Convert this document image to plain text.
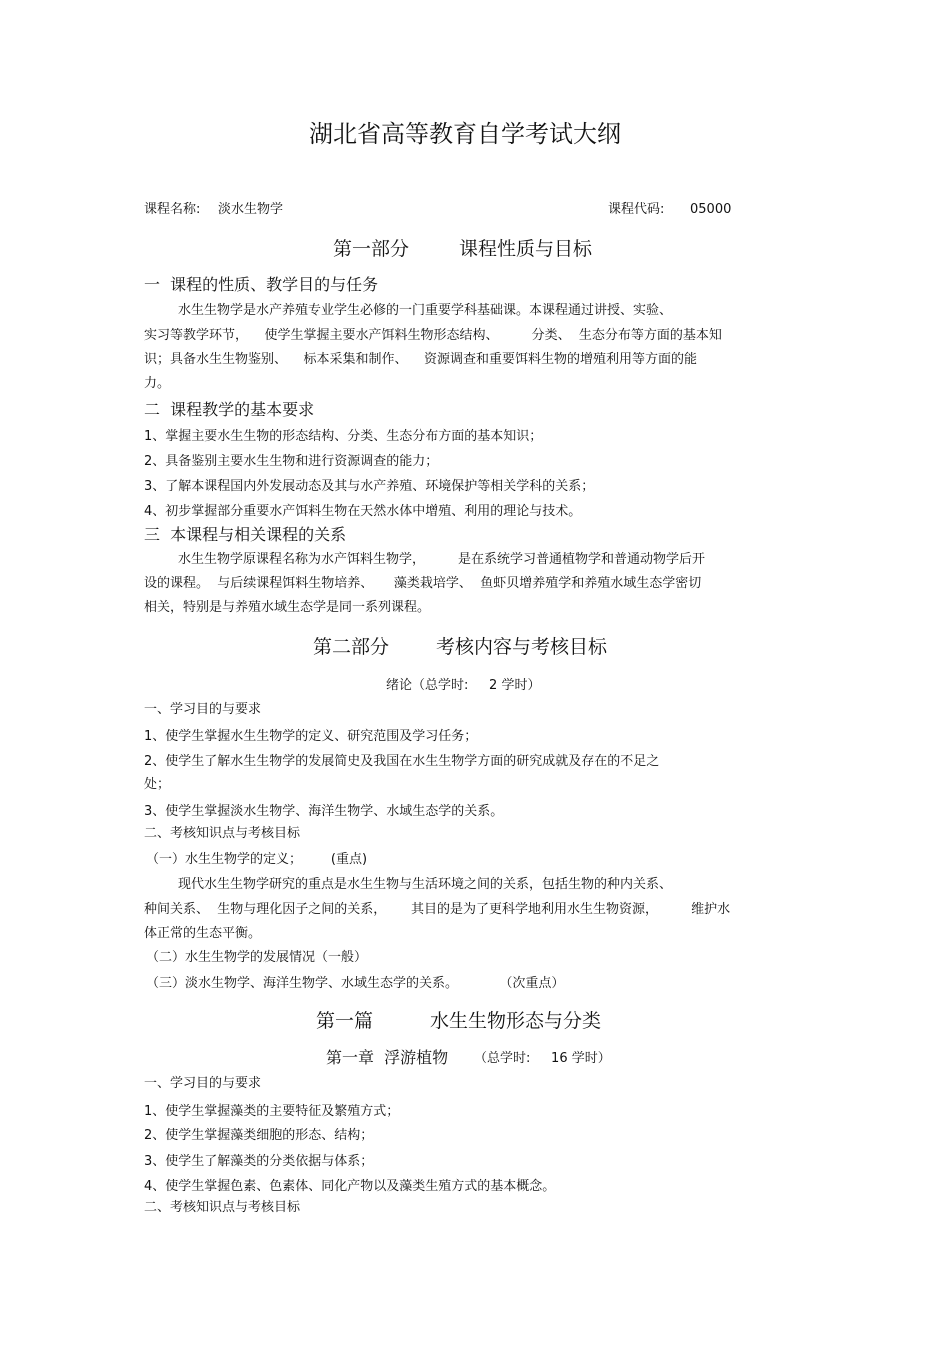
湖北省高等教育自学考试大纲
课程名称: 淡水生物学	课程代码: 05000
第一部分	课程性质与目标
一  课程的性质、教学目的与任务
水生生物学是水产养殖专业学生必修的一门重要学科基础课。本课程通过讲授、实验、
实习等教学环节，    使学生掌握主要水产饵料生物形态结构、        分类、  生态分布等方面的基本知
识；具备水生生物鉴别、    标本采集和制作、    资源调查和重要饵料生物的增殖利用等方面的能
力。
二  课程教学的基本要求
1、掌握主要水生生物的形态结构、分类、生态分布方面的基本知识；
2、具备鉴别主要水生生物和进行资源调查的能力；
3、了解本课程国内外发展动态及其与水产养殖、环境保护等相关学科的关系；
4、初步掌握部分重要水产饵料生物在天然水体中增殖、利用的理论与技术。
三  本课程与相关课程的关系
水生生物学原课程名称为水产饵料生物学，        是在系统学习普通植物学和普通动物学后开
设的课程。  与后续课程饵料生物培养、     藻类栽培学、  鱼虾贝增养殖学和养殖水域生态学密切
相关，特别是与养殖水域生态学是同一系列课程。
第二部分 考核内容与考核目标
绪论（总学时:     2 学时）
一、学习目的与要求
1、使学生掌握水生生物学的定义、研究范围及学习任务；
2、使学生了解水生生物学的发展简史及我国在水生生物学方面的研究成就及存在的不足之
处；
3、使学生掌握淡水生物学、海洋生物学、水域生态学的关系。
二、考核知识点与考核目标
（一）水生生物学的定义；       (重点)
现代水生生物学研究的重点是水生生物与生活环境之间的关系，包括生物的种内关系、
种间关系、  生物与理化因子之间的关系，      其目的是为了更科学地利用水生生物资源，        维护水
体正常的生态平衡。
（二）水生生物学的发展情况（一般）
（三）淡水生物学、海洋生物学、水域生态学的关系。          （次重点）
第一篇	水生生物形态与分类
第一章  浮游植物 （总学时:     16 学时）
一、学习目的与要求
1、使学生掌握藻类的主要特征及繁殖方式；
2、使学生掌握藻类细胞的形态、结构；
3、使学生了解藻类的分类依据与体系；
4、使学生掌握色素、色素体、同化产物以及藻类生殖方式的基本概念。
二、考核知识点与考核目标
